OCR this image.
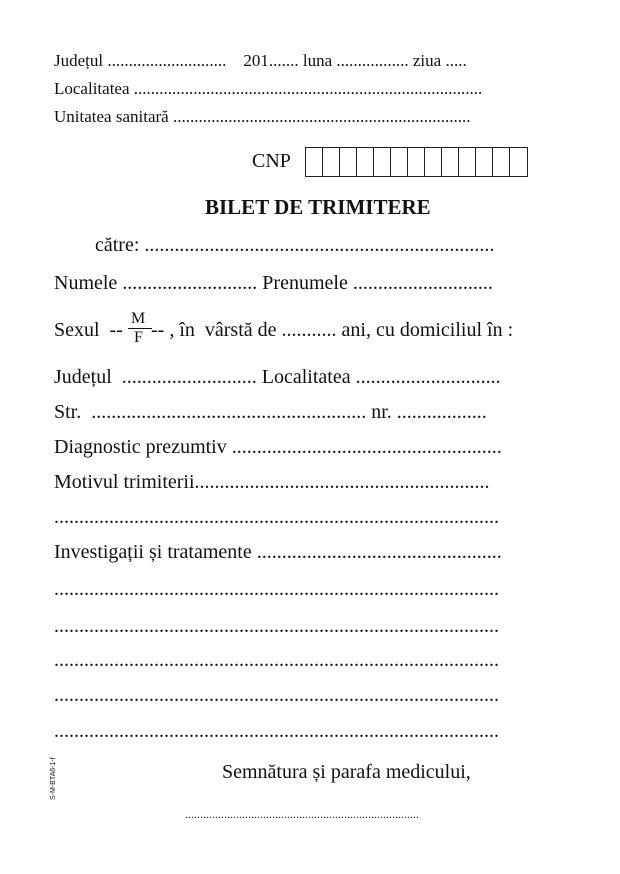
Județul ............................    201....... luna ................. ziua .....
Localitatea ..................................................................................
Unitatea sanitară ......................................................................
CNP
BILET DE TRIMITERE
către: ......................................................................
Numele ........................... Prenumele ............................
Sexul  --
M
F -- , în  vârstă de ........... ani, cu domiciliul în :
Județul  ........................... Localitatea .............................
Str.  ....................................................... nr. ..................
Diagnostic prezumtiv ......................................................
Motivul trimiterii...........................................................
.........................................................................................
Investigații și tratamente .................................................
.........................................................................................
.........................................................................................
.........................................................................................
.........................................................................................
.........................................................................................
Semnătura și parafa medicului,
..............................................................................
S-M-BTA6-1-f
